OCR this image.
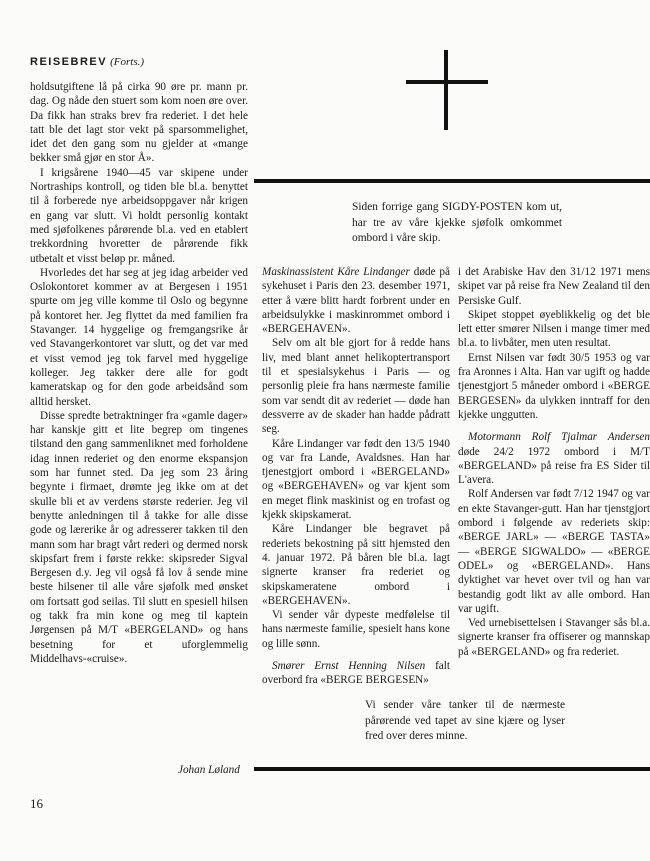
REISEBREV (Forts.)

holdsutgiftene lå på cirka 90 øre pr. mann pr. dag. Og nåde den stuert som kom noen øre over. Da fikk han straks brev fra rederiet. I det hele tatt ble det lagt stor vekt på sparsommelighet, idet det den gang som nu gjelder at «mange bekker små gjør en stor Å».

I krigsårene 1940—45 var skipene under Nortraships kontroll, og tiden ble bl.a. benyttet til å forberede nye arbeidsoppgaver når krigen en gang var slutt. Vi holdt personlig kontakt med sjøfolkenes pårørende bl.a. ved en etablert trekkordning hvoretter de pårørende fikk utbetalt et visst beløp pr. måned.

Hvorledes det har seg at jeg idag arbeider ved Oslokontoret kommer av at Bergesen i 1951 spurte om jeg ville komme til Oslo og begynne på kontoret her. Jeg flyttet da med familien fra Stavanger. 14 hyggelige og fremgangsrike år ved Stavangerkontoret var slutt, og det var med et visst vemod jeg tok farvel med hyggelige kolleger. Jeg takker dere alle for godt kameratskap og for den gode arbeidsånd som alltid hersket.

Disse spredte betraktninger fra «gamle dager» har kanskje gitt et lite begrep om tingenes tilstand den gang sammenliknet med forholdene idag innen rederiet og den enorme ekspansjon som har funnet sted. Da jeg som 23 åring begynte i firmaet, drømte jeg ikke om at det skulle bli et av verdens største rederier. Jeg vil benytte anledningen til å takke for alle disse gode og lærerike år og adresserer takken til den mann som har bragt vårt rederi og dermed norsk skipsfart frem i første rekke: skipsreder Sigval Bergesen d.y. Jeg vil også få lov å sende mine beste hilsener til alle våre sjøfolk med ønsket om fortsatt god seilas. Til slutt en spesiell hilsen og takk fra min kone og meg til kaptein Jørgensen på M/T «BERGELAND» og hans besetning for et uforglemmelig Middelhavs-«cruise».

Johan Løland
16

Siden forrige gang SIGDY-POSTEN kom ut, har tre av våre kjekke sjøfolk omkommet ombord i våre skip.

Maskinassistent Kåre Lindanger døde på sykehuset i Paris den 23. desember 1971, etter å være blitt hardt forbrent under en arbeidsulykke i maskinrommet ombord i «BERGEHAVEN».

Selv om alt ble gjort for å redde hans liv, med blant annet helikoptertransport til et spesialsykehus i Paris — og personlig pleie fra hans nærmeste familie som var sendt dit av rederiet — døde han dessverre av de skader han hadde pådratt seg.

Kåre Lindanger var født den 13/5 1940 og var fra Lande, Avaldsnes. Han har tjenestgjort ombord i «BERGELAND» og «BERGEHAVEN» og var kjent som en meget flink maskinist og en trofast og kjekk skipskamerat.

Kåre Lindanger ble begravet på rederiets bekostning på sitt hjemsted den 4. januar 1972. På båren ble bl.a. lagt signerte kranser fra rederiet og skipskameratene ombord i «BERGEHAVEN».

Vi sender vår dypeste medfølelse til hans nærmeste familie, spesielt hans kone og lille sønn.

Smører Ernst Henning Nilsen falt overbord fra «BERGE BERGESEN»

i det Arabiske Hav den 31/12 1971 mens skipet var på reise fra New Zealand til den Persiske Gulf.

Skipet stoppet øyeblikkelig og det ble lett etter smører Nilsen i mange timer med bl.a. to livbåter, men uten resultat.

Ernst Nilsen var født 30/5 1953 og var fra Aronnes i Alta. Han var ugift og hadde tjenestgjort 5 måneder ombord i «BERGE BERGESEN» da ulykken inntraff for den kjekke unggutten.

Motormann Rolf Tjalmar Andersen døde 24/2 1972 ombord i M/T «BERGELAND» på reise fra ES Sider til L'avera.

Rolf Andersen var født 7/12 1947 og var en ekte Stavanger-gutt. Han har tjenstgjort ombord i følgende av rederiets skip: «BERGE JARL» — «BERGE TASTA» — «BERGE SIGWALDO» — «BERGE ODEL» og «BERGELAND». Hans dyktighet var hevet over tvil og han var bestandig godt likt av alle ombord. Han var ugift.

Ved urnebisettelsen i Stavanger sås bl.a. signerte kranser fra offiserer og mannskap på «BERGELAND» og fra rederiet.

Vi sender våre tanker til de nærmeste pårørende ved tapet av sine kjære og lyser fred over deres minne.
